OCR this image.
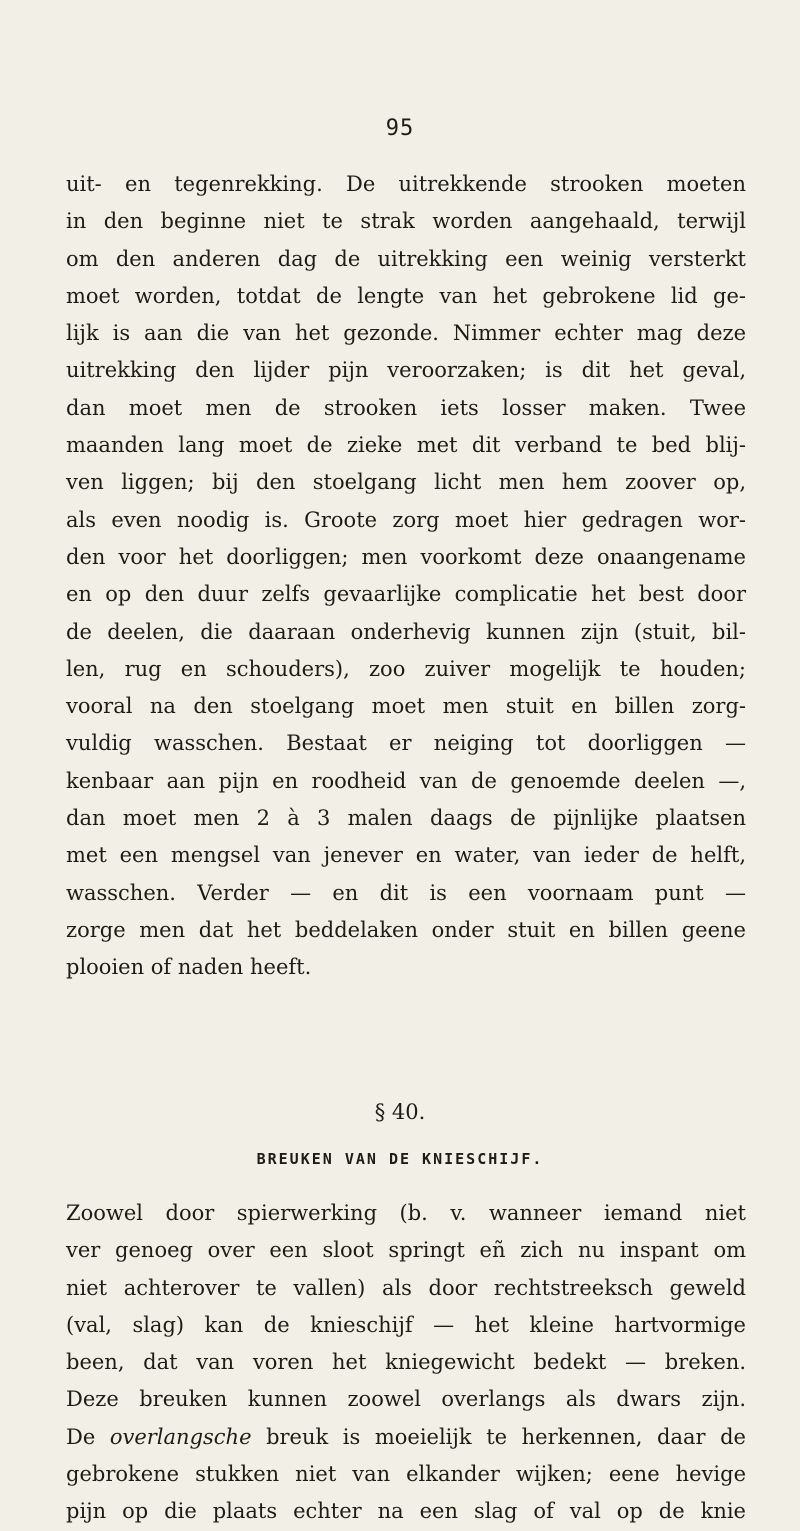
95
uit- en tegenrekking. De uitrekkende strooken moeten
in den beginne niet te strak worden aangehaald, terwijl
om den anderen dag de uitrekking een weinig versterkt
moet worden, totdat de lengte van het gebrokene lid ge-
lijk is aan die van het gezonde. Nimmer echter mag deze
uitrekking den lijder pijn veroorzaken; is dit het geval,
dan moet men de strooken iets losser maken. Twee
maanden lang moet de zieke met dit verband te bed blij-
ven liggen; bij den stoelgang licht men hem zoover op,
als even noodig is. Groote zorg moet hier gedragen wor-
den voor het doorliggen; men voorkomt deze onaangename
en op den duur zelfs gevaarlijke complicatie het best door
de deelen, die daaraan onderhevig kunnen zijn (stuit, bil-
len, rug en schouders), zoo zuiver mogelijk te houden;
vooral na den stoelgang moet men stuit en billen zorg-
vuldig wasschen. Bestaat er neiging tot doorliggen —
kenbaar aan pijn en roodheid van de genoemde deelen —,
dan moet men 2 à 3 malen daags de pijnlijke plaatsen
met een mengsel van jenever en water, van ieder de helft,
wasschen. Verder — en dit is een voornaam punt —
zorge men dat het beddelaken onder stuit en billen geene
plooien of naden heeft.
§ 40.
BREUKEN VAN DE KNIESCHIJF.
Zoowel door spierwerking (b. v. wanneer iemand niet
ver genoeg over een sloot springt eñ zich nu inspant om
niet achterover te vallen) als door rechtstreeksch geweld
(val, slag) kan de knieschijf — het kleine hartvormige
been, dat van voren het kniegewicht bedekt — breken.
Deze breuken kunnen zoowel overlangs als dwars zijn.
De overlangsche breuk is moeielijk te herkennen, daar de
gebrokene stukken niet van elkander wijken; eene hevige
pijn op die plaats echter na een slag of val op de knie
